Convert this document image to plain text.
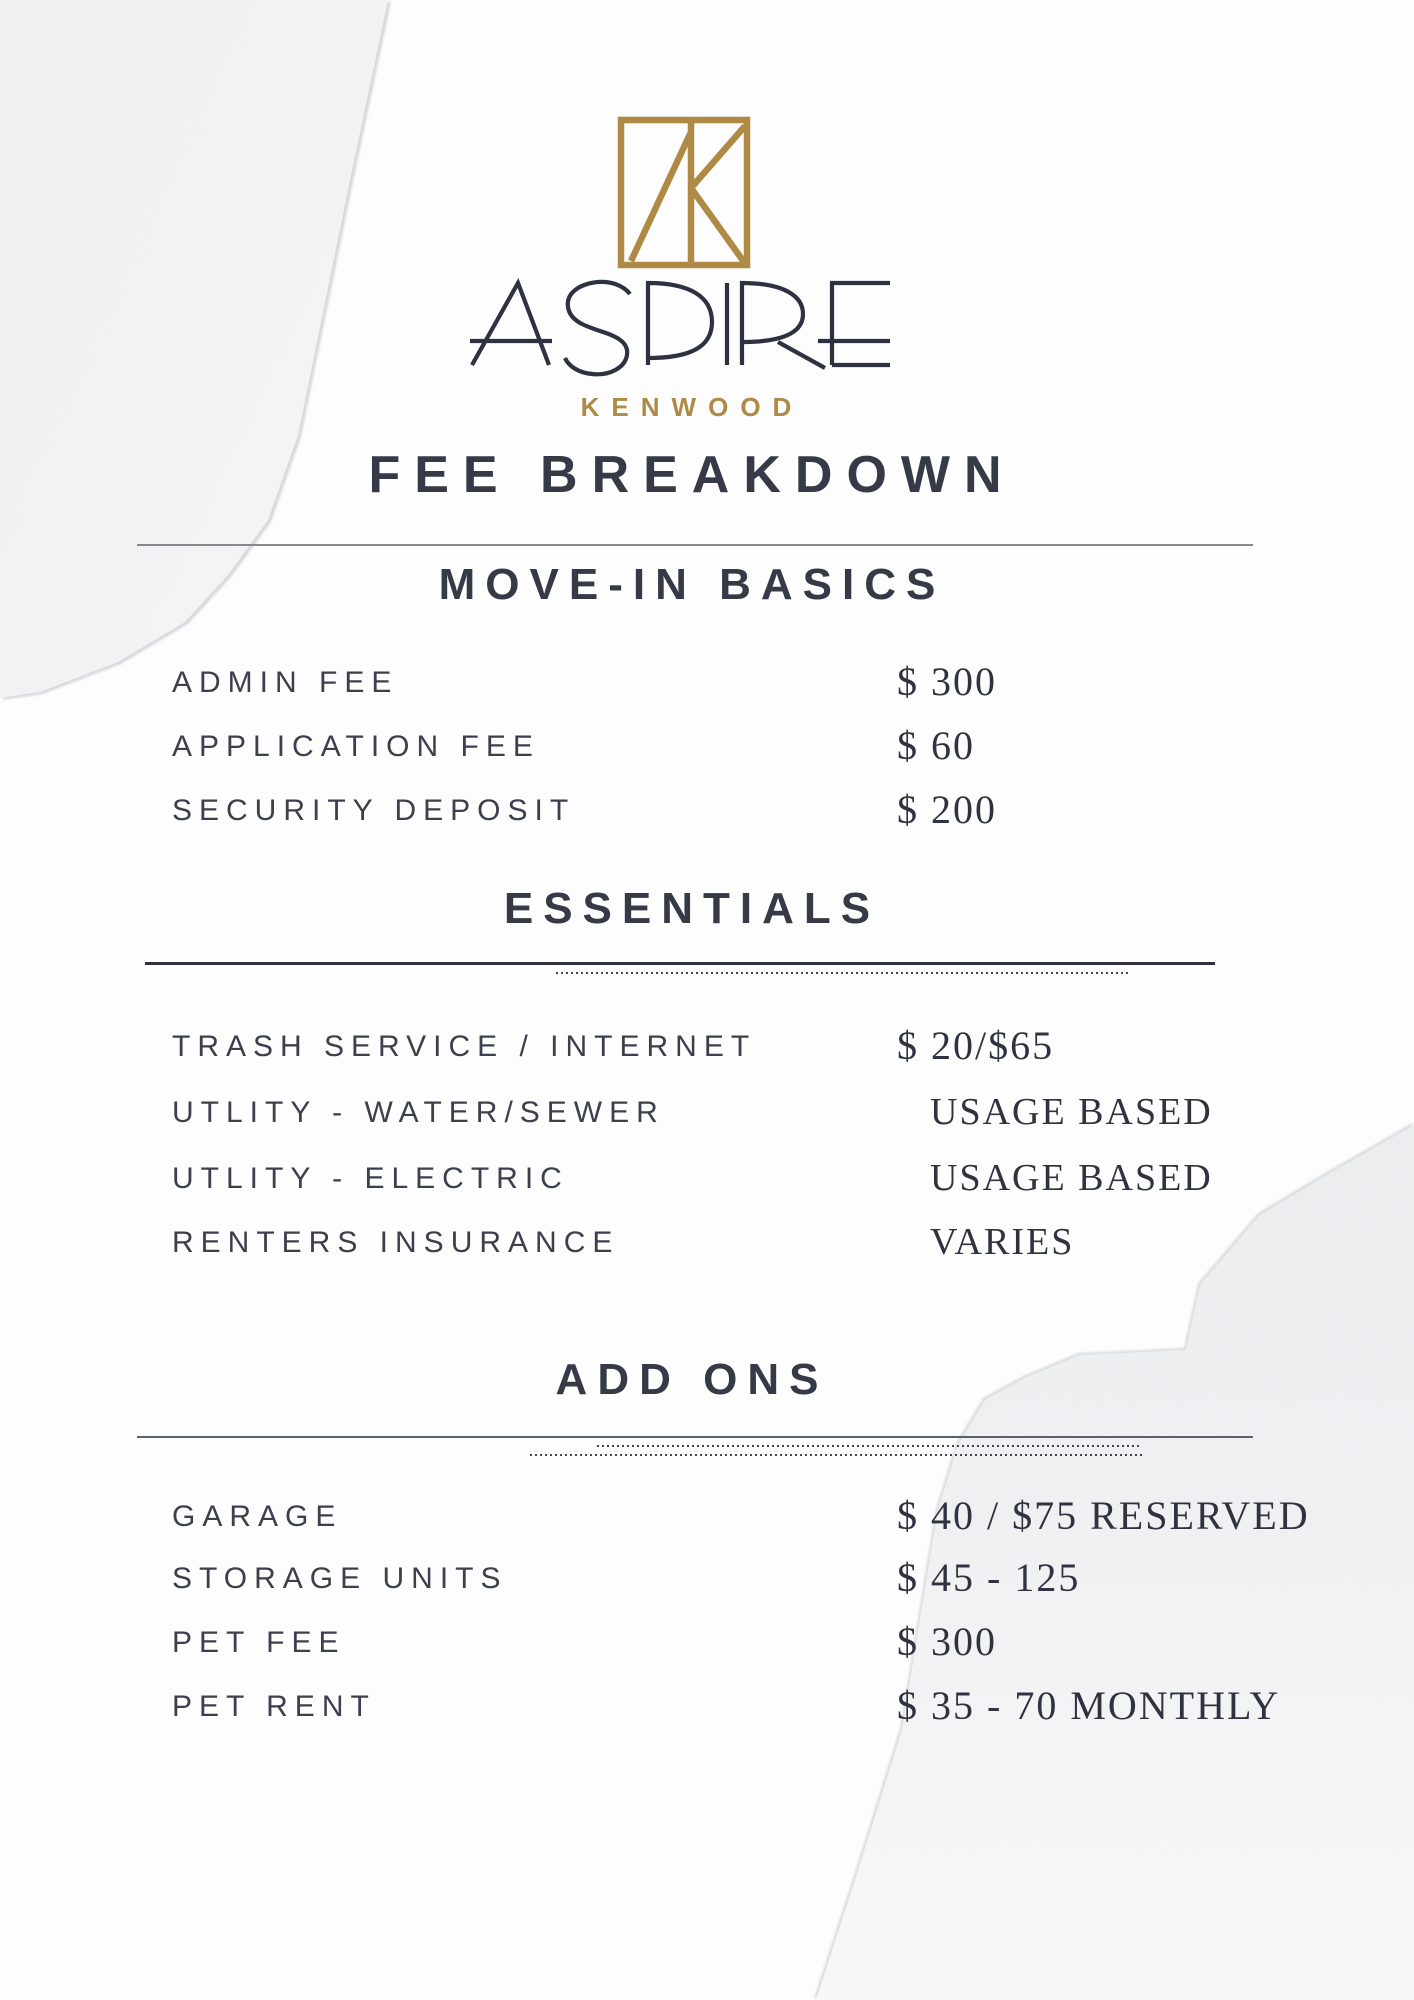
KENWOOD
FEE BREAKDOWN
MOVE-IN BASICS
ADMIN FEE	$ 300
APPLICATION FEE	$ 60
SECURITY DEPOSIT	$ 200
ESSENTIALS
TRASH SERVICE / INTERNET	$ 20/$65
UTLITY - WATER/SEWER	USAGE BASED
UTLITY - ELECTRIC	USAGE BASED
RENTERS INSURANCE	VARIES
ADD ONS
GARAGE	$ 40 / $75 RESERVED
STORAGE UNITS	$ 45 - 125
PET FEE	$ 300
PET RENT	$ 35 - 70 MONTHLY
